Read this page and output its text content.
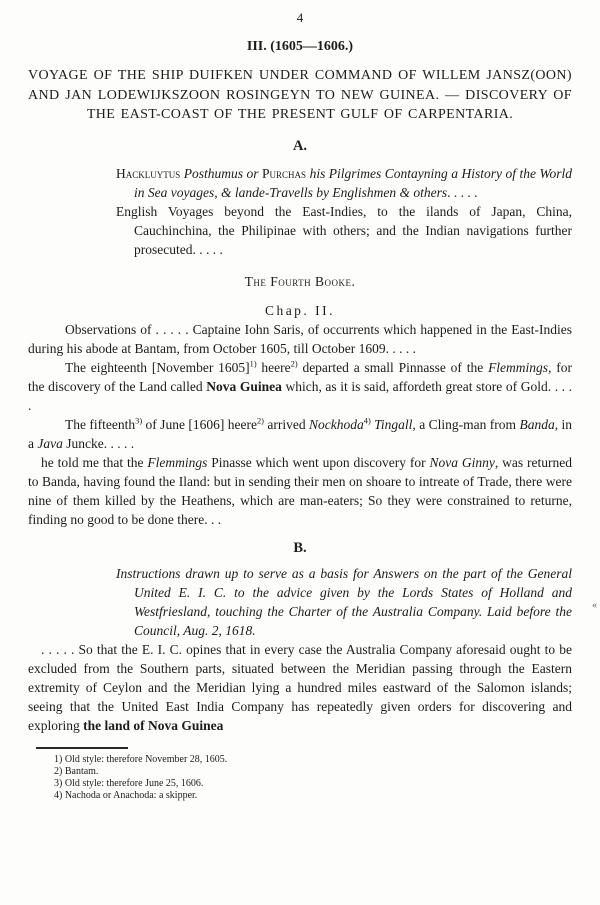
4
III. (1605—1606.)
VOYAGE OF THE SHIP DUIFKEN UNDER COMMAND OF WILLEM JANSZ(OON) AND JAN LODEWIJKSZOON ROSINGEYN TO NEW GUINEA. — DISCOVERY OF THE EAST-COAST OF THE PRESENT GULF OF CARPENTARIA.
A.

Hackluytus Posthumus or Purchas his Pilgrimes Contayning a History of the World in Sea voyages, & lande-Travells by Englishmen & others. . . . .

English Voyages beyond the East-Indies, to the ilands of Japan, China, Cauchinchina, the Philipinae with others; and the Indian navigations further prosecuted. . . . .

The Fourth Booke.
Chap. II.

Observations of . . . . . Captaine Iohn Saris, of occurrents which happened in the East-Indies during his abode at Bantam, from October 1605, till October 1609. . . . .

The eighteenth [November 1605]$^{1)}$ heere$^{2)}$ departed a small Pinnasse of the Flemmings, for the discovery of the Land called Nova Guinea which, as it is said, affordeth great store of Gold. . . . .

The fifteenth$^{3)}$ of June [1606] heere$^{2)}$ arrived Nockhoda$^{4)}$ Tingall, a Cling-man from Banda, in a Java Juncke. . . . .

he told me that the Flemmings Pinasse which went upon discovery for Nova Ginny, was returned to Banda, having found the Iland: but in sending their men on shoare to intreate of Trade, there were nine of them killed by the Heathens, which are man-eaters; So they were constrained to returne, finding no good to be done there. . .

B.

Instructions drawn up to serve as a basis for Answers on the part of the General United E. I. C. to the advice given by the Lords States of Holland and Westfriesland, touching the Charter of the Australia Company. Laid before the Council, Aug. 2, 1618.

. . . . . So that the E. I. C. opines that in every case the Australia Company aforesaid ought to be excluded from the Southern parts, situated between the Meridian passing through the Eastern extremity of Ceylon and the Meridian lying a hundred miles eastward of the Salomon islands; seeing that the United East India Company has repeatedly given orders for discovering and exploring the land of Nova Guinea

1) Old style: therefore November 28, 1605.
2) Bantam.
3) Old style: therefore June 25, 1606.
4) Nachoda or Anachoda: a skipper.
«
